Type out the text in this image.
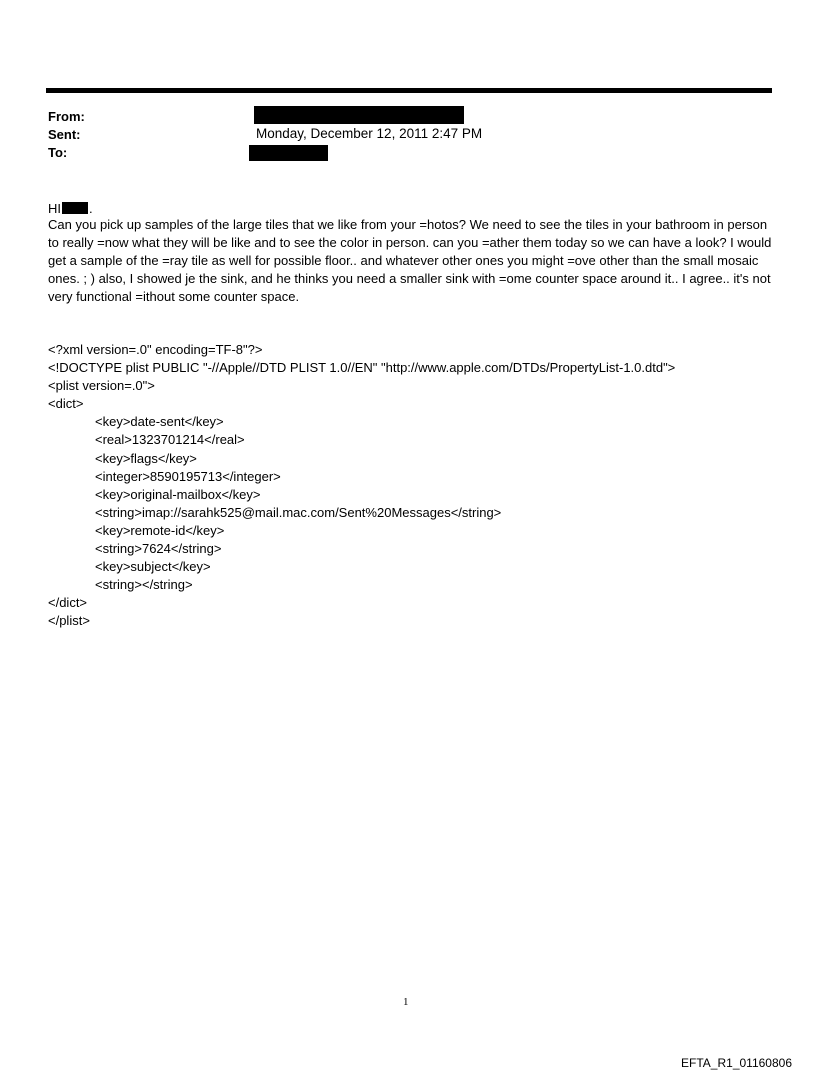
From:
Sent:
To:
Monday, December 12, 2011 2:47 PM
HI .
Can you pick up samples of the large tiles that we like from your =hotos? We need to see the tiles in your bathroom in person to really =now what they will be like and to see the color in person. can you =ather them today so we can have a look? I would get a sample of the =ray tile as well for possible floor.. and whatever other ones you might =ove other than the small mosaic ones. ; ) also, I showed je the sink, and he thinks you need a smaller sink with =ome counter space around it.. I agree.. it's not very functional =ithout some counter space.
<?xml version=.0" encoding=TF-8"?>
<!DOCTYPE plist PUBLIC "-//Apple//DTD PLIST 1.0//EN" "http://www.apple.com/DTDs/PropertyList-1.0.dtd">
<plist version=.0">
<dict>
<key>date-sent</key>
<real>1323701214</real>
<key>flags</key>
<integer>8590195713</integer>
<key>original-mailbox</key>
<string>imap://sarahk525@mail.mac.com/Sent%20Messages</string>
<key>remote-id</key>
<string>7624</string>
<key>subject</key>
<string></string>
</dict>
</plist>
1
EFTA_R1_01160806
